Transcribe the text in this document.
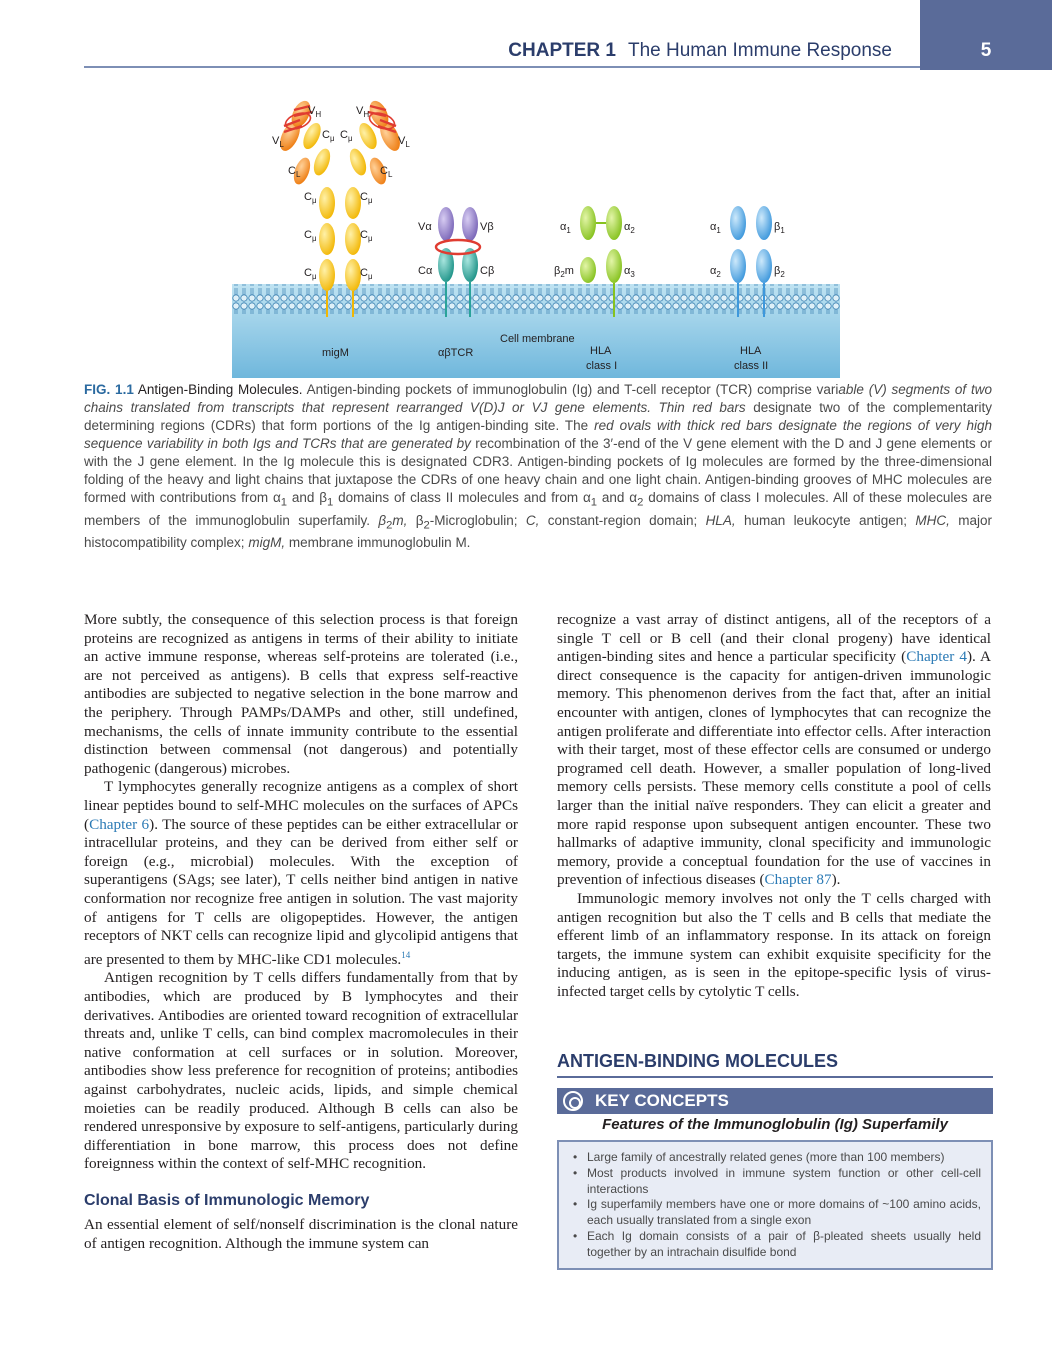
CHAPTER 1 The Human Immune Response	5
$V_H$	$V_H$
$V_L$	$V_L$
$C_\mu$ $C_\mu$
$C_L$	$C_L$
$C_\mu$	$C_\mu$
$C_\mu$	$C_\mu$
$C_\mu$	$C_\mu$
Vα	Vβ
Cα	Cβ
$\alpha_1$	$\alpha_2$
$\beta_2m$	$\alpha_3$
$\alpha_1$	$\beta_1$
$\alpha_2$	$\beta_2$
Cell membrane
migM	αβTCR	HLA
class I
HLA
class II
FIG. 1.1 Antigen-Binding Molecules. Antigen-binding pockets of immunoglobulin (Ig) and T-cell receptor (TCR) comprise variable (V) segments of two chains translated from transcripts that represent rearranged V(D)J or VJ gene elements. Thin red bars designate two of the complementarity determining regions (CDRs) that form portions of the Ig antigen-binding site. The red ovals with thick red bars designate the regions of very high sequence variability in both Igs and TCRs that are generated by recombination of the 3′-end of the V gene element with the D and J gene elements or with the J gene element. In the Ig molecule this is designated CDR3. Antigen-binding pockets of Ig molecules are formed by the three-dimensional folding of the heavy and light chains that juxtapose the CDRs of one heavy chain and one light chain. Antigen-binding grooves of MHC molecules are formed with contributions from $\alpha_1$ and $\beta_1$ domains of class II molecules and from $\alpha_1$ and $\alpha_2$ domains of class I molecules. All of these molecules are members of the immunoglobulin superfamily. $\beta_2m$, $\beta_2$-Microglobulin; C, constant-region domain; HLA, human leukocyte antigen; MHC, major histocompatibility complex; migM, membrane immunoglobulin M.

More subtly, the consequence of this selection process is that foreign proteins are recognized as antigens in terms of their ability to initiate an active immune response, whereas self-proteins are tolerated (i.e., are not perceived as antigens). B cells that express self-reactive antibodies are subjected to negative selection in the bone marrow and the periphery. Through PAMPs/DAMPs and other, still undefined, mechanisms, the cells of innate immunity contribute to the essential distinction between commensal (not dangerous) and potentially pathogenic (dangerous) microbes.

T lymphocytes generally recognize antigens as a complex of short linear peptides bound to self-MHC molecules on the surfaces of APCs (Chapter 6). The source of these peptides can be either extracellular or intracellular proteins, and they can be derived from either self or foreign (e.g., microbial) molecules. With the exception of superantigens (SAgs; see later), T cells neither bind antigen in native conformation nor recognize free antigen in solution. The vast majority of antigens for T cells are oligopeptides. However, the antigen receptors of NKT cells can recognize lipid and glycolipid antigens that are presented to them by MHC-like CD1 molecules.$^{14}$

Antigen recognition by T cells differs fundamentally from that by antibodies, which are produced by B lymphocytes and their derivatives. Antibodies are oriented toward recognition of extracellular threats and, unlike T cells, can bind complex macromolecules in their native conformation at cell surfaces or in solution. Moreover, antibodies show less preference for recognition of proteins; antibodies against carbohydrates, nucleic acids, lipids, and simple chemical moieties can be readily produced. Although B cells can also be rendered unresponsive by exposure to self-antigens, particularly during differentiation in bone marrow, this process does not define foreignness within the context of self-MHC recognition.

Clonal Basis of Immunologic Memory

An essential element of self/nonself discrimination is the clonal nature of antigen recognition. Although the immune system can

recognize a vast array of distinct antigens, all of the receptors of a single T cell or B cell (and their clonal progeny) have identical antigen-binding sites and hence a particular specificity (Chapter 4). A direct consequence is the capacity for antigen-driven immunologic memory. This phenomenon derives from the fact that, after an initial encounter with antigen, clones of lymphocytes that can recognize the antigen proliferate and differentiate into effector cells. After interaction with their target, most of these effector cells are consumed or undergo programed cell death. However, a smaller population of long-lived memory cells persists. These memory cells constitute a pool of cells larger than the initial naïve responders. They can elicit a greater and more rapid response upon subsequent antigen encounter. These two hallmarks of adaptive immunity, clonal specificity and immunologic memory, provide a conceptual foundation for the use of vaccines in prevention of infectious diseases (Chapter 87).

Immunologic memory involves not only the T cells charged with antigen recognition but also the T cells and B cells that mediate the efferent limb of an inflammatory response. In its attack on foreign targets, the immune system can exhibit exquisite specificity for the inducing antigen, as is seen in the epitope-specific lysis of virus-infected target cells by cytolytic T cells.

ANTIGEN-BINDING MOLECULES
KEY CONCEPTS
Features of the Immunoglobulin (Ig) Superfamily
• Large family of ancestrally related genes (more than 100 members)
• Most products involved in immune system function or other cell-cell interactions
• Ig superfamily members have one or more domains of ~100 amino acids, each usually translated from a single exon
• Each Ig domain consists of a pair of β-pleated sheets usually held together by an intrachain disulfide bond
